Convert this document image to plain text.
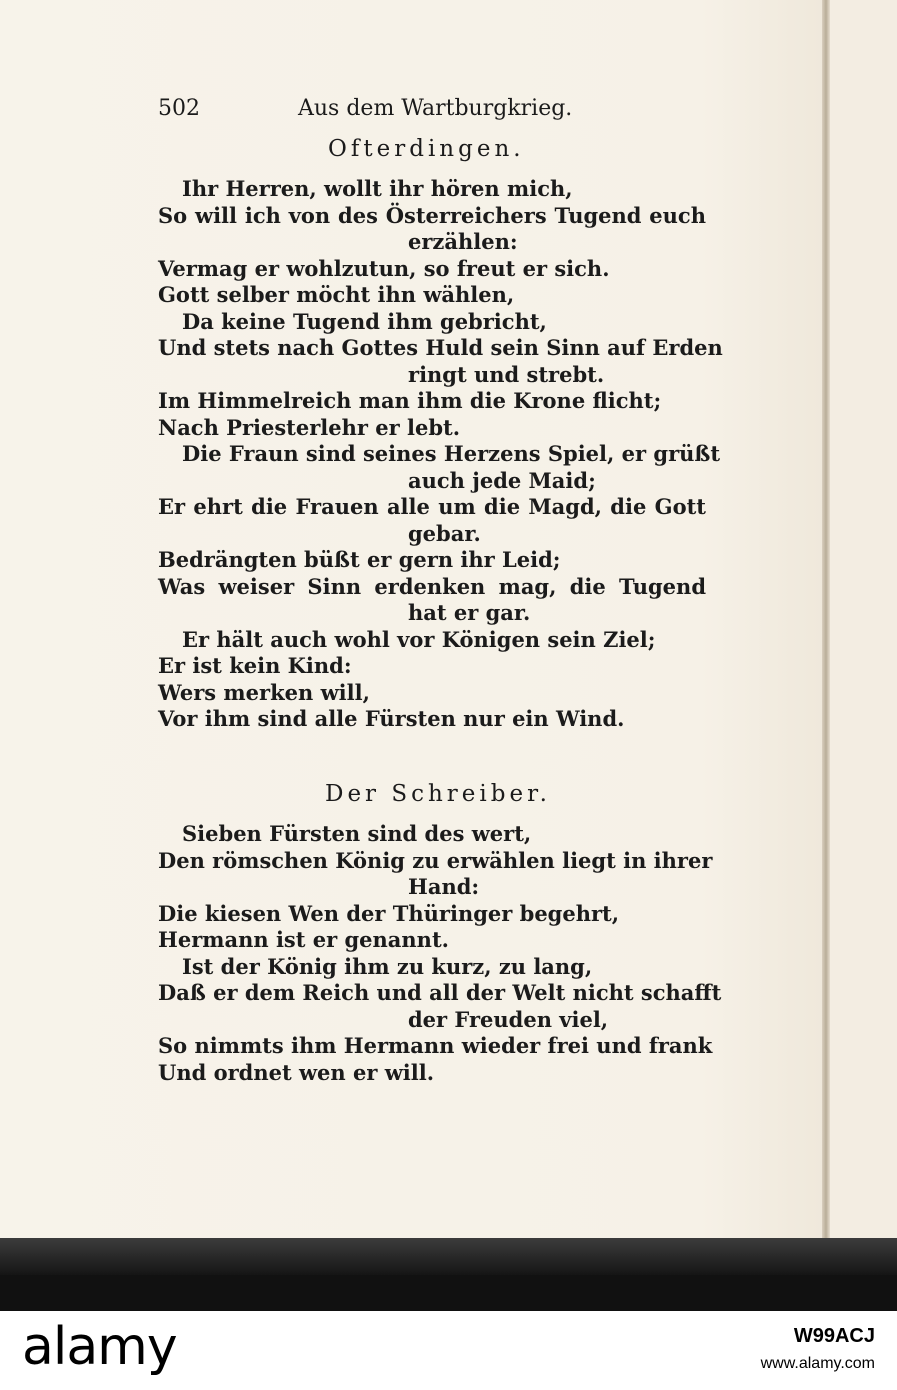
502	Aus dem Wartburgkrieg.
Ofterdingen.
Ihr Herren, wollt ihr hören mich,
So will ich von des Österreichers Tugend euch
erzählen:
Vermag er wohlzutun, so freut er sich.
Gott selber möcht ihn wählen,
Da keine Tugend ihm gebricht,
Und stets nach Gottes Huld sein Sinn auf Erden
ringt und strebt.
Im Himmelreich man ihm die Krone flicht;
Nach Priesterlehr er lebt.
Die Fraun sind seines Herzens Spiel, er grüßt
auch jede Maid;
Er ehrt die Frauen alle um die Magd, die Gott
gebar.
Bedrängten büßt er gern ihr Leid;
Was weiser Sinn erdenken mag, die Tugend
hat er gar.
Er hält auch wohl vor Königen sein Ziel;
Er ist kein Kind:
Wers merken will,
Vor ihm sind alle Fürsten nur ein Wind.
Der Schreiber.
Sieben Fürsten sind des wert,
Den römschen König zu erwählen liegt in ihrer
Hand:
Die kiesen Wen der Thüringer begehrt,
Hermann ist er genannt.
Ist der König ihm zu kurz, zu lang,
Daß er dem Reich und all der Welt nicht schafft
der Freuden viel,
So nimmts ihm Hermann wieder frei und frank
Und ordnet wen er will.
alamy	W99ACJ
www.alamy.com
